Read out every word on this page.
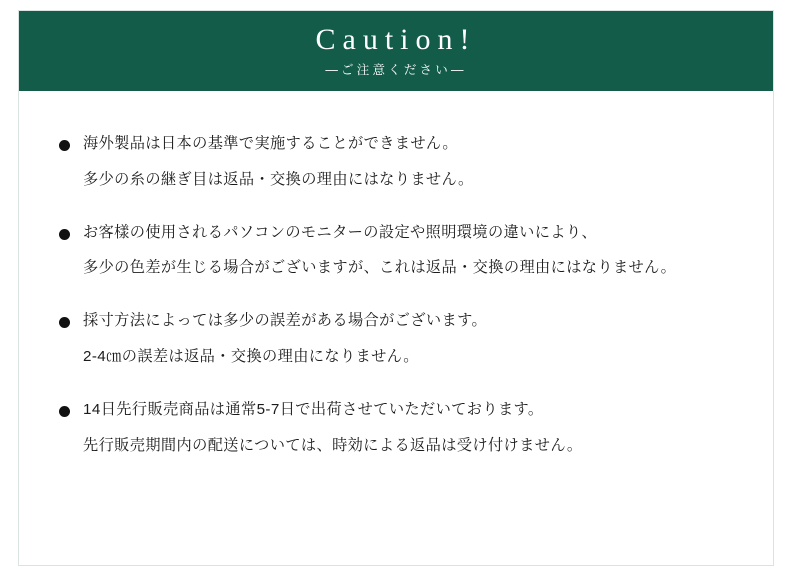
Caution!
—ご注意ください—
海外製品は日本の基準で実施することができません。
多少の糸の継ぎ目は返品・交換の理由にはなりません。
お客樣の使用されるパソコンのモニターの設定や照明環境の違いにより、
多少の色差が生じる場合がございますが、これは返品・交換の理由にはなりません。
採寸方法によっては多少の誤差がある場合がございます。
2-4㎝の誤差は返品・交換の理由になりません。
14日先行販売商品は通常5-7日で出荷させていただいております。
先行販売期間内の配送については、時効による返品は受け付けません。
